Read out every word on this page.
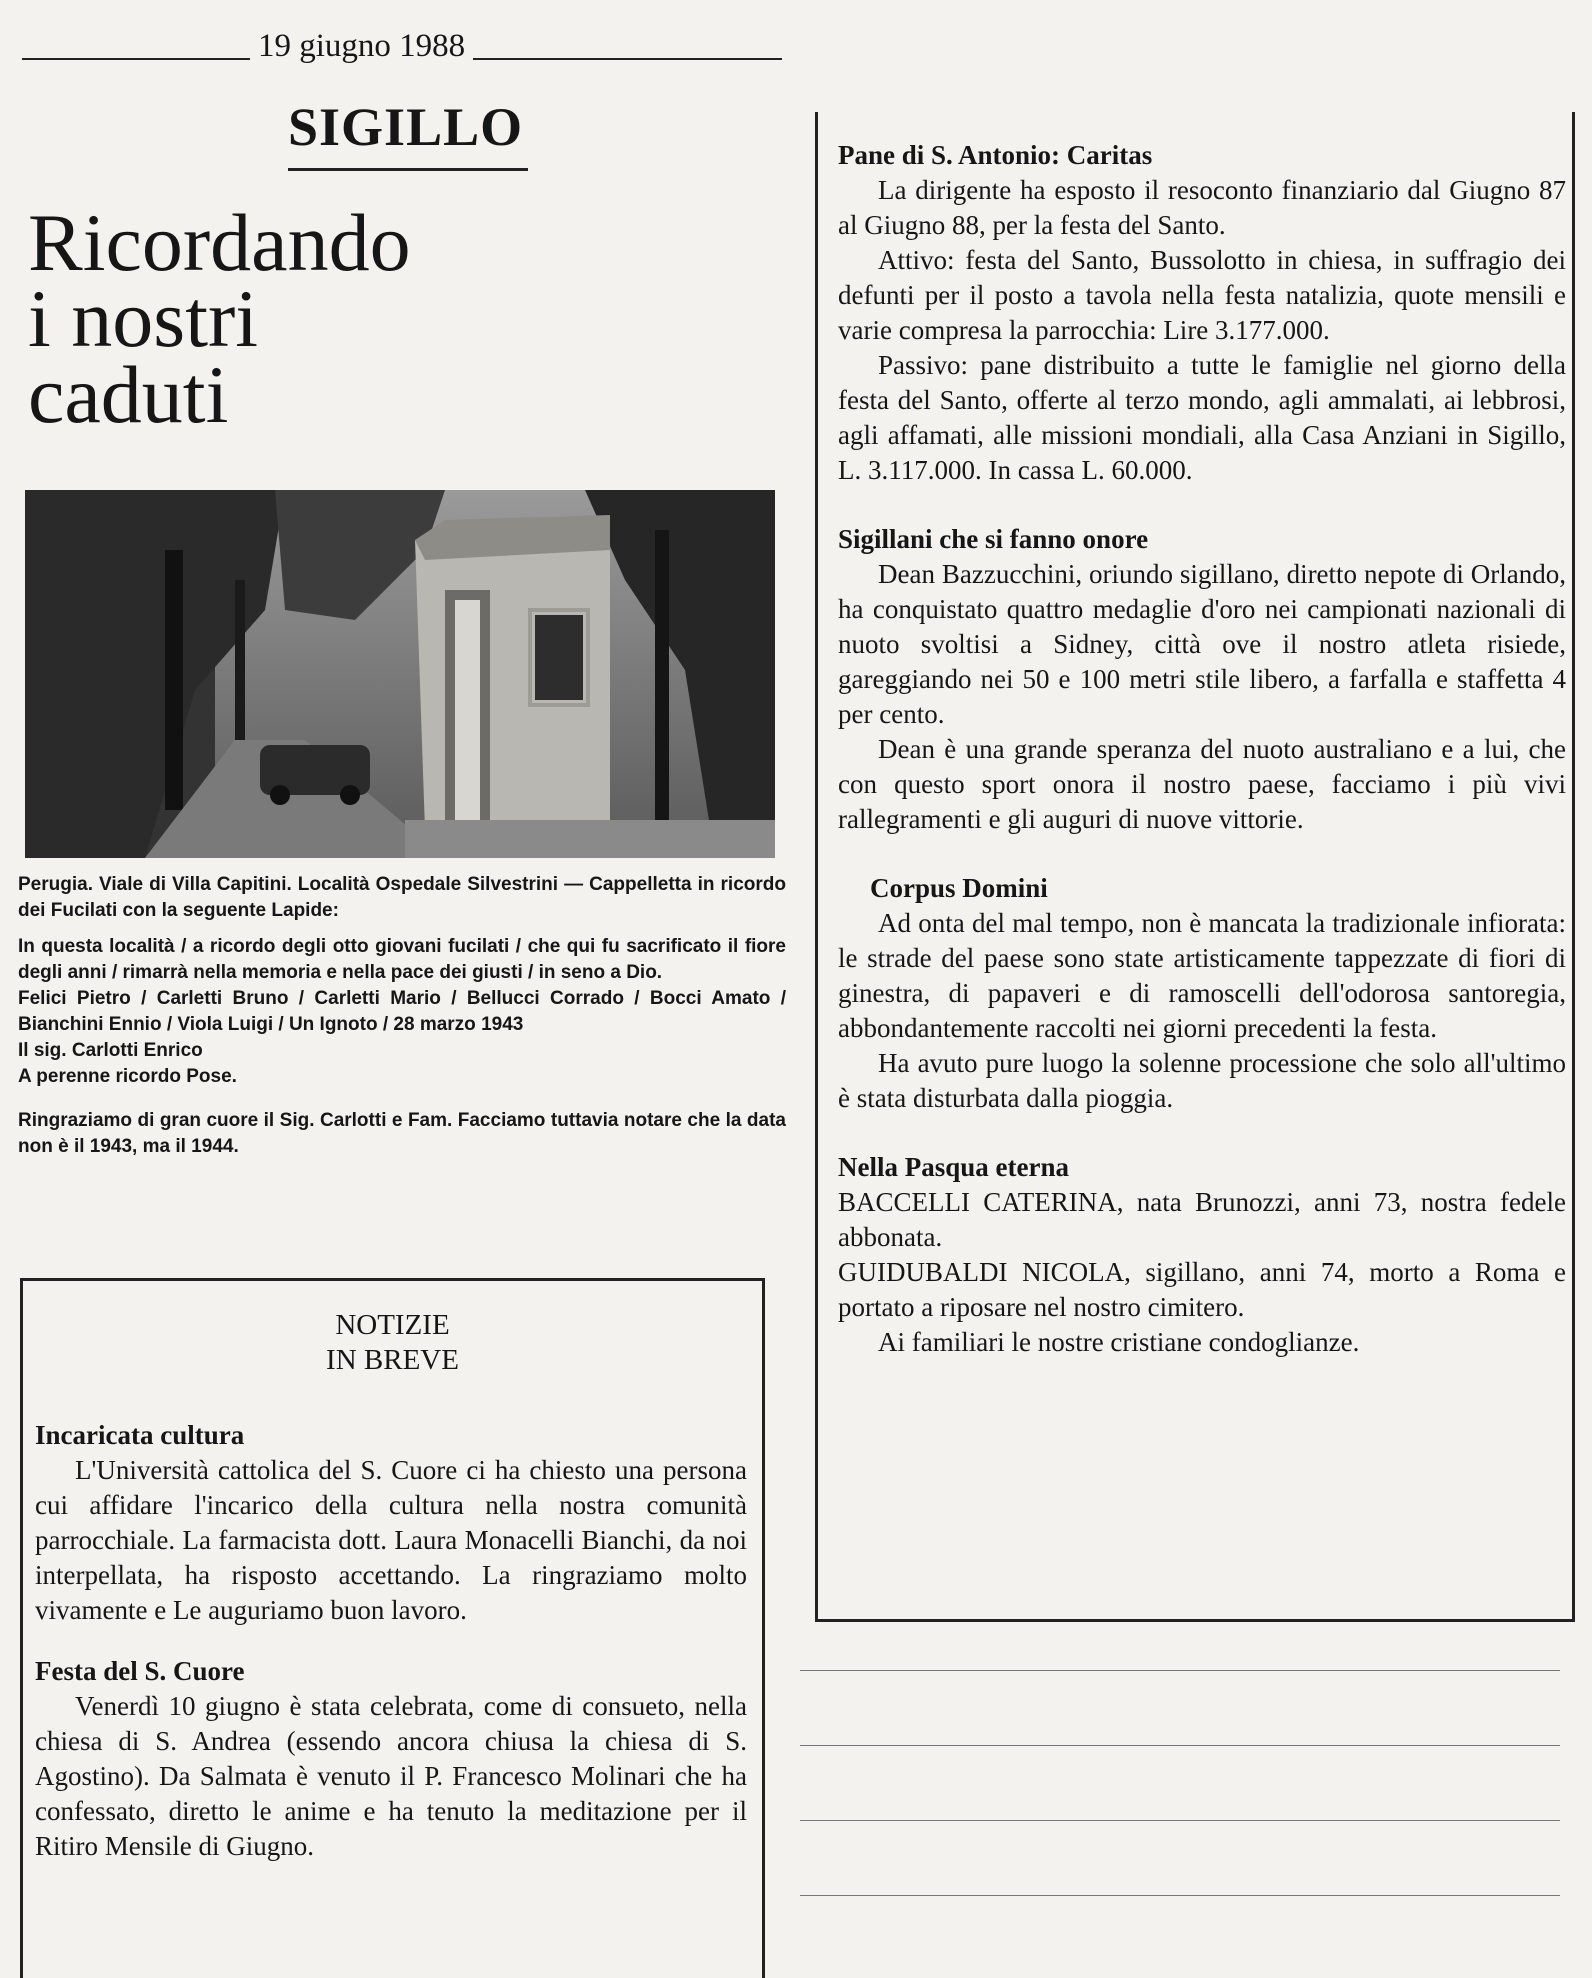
19 giugno 1988
SIGILLO
Ricordando
i nostri
caduti

Perugia. Viale di Villa Capitini. Località Ospedale Silvestrini — Cappelletta in ricordo dei Fucilati con la seguente Lapide:

In questa località / a ricordo degli otto giovani fucilati / che qui fu sacrificato il fiore degli anni / rimarrà nella memoria e nella pace dei giusti / in seno a Dio.

Felici Pietro / Carletti Bruno / Carletti Mario / Bellucci Corrado / Bocci Amato / Bianchini Ennio / Viola Luigi / Un Ignoto / 28 marzo 1943

Il sig. Carlotti Enrico

A perenne ricordo Pose.

Ringraziamo di gran cuore il Sig. Carlotti e Fam. Facciamo tuttavia notare che la data non è il 1943, ma il 1944.

NOTIZIE
IN BREVE
Incaricata cultura

L'Università cattolica del S. Cuore ci ha chiesto una persona cui affidare l'incarico della cultura nella nostra comunità parrocchiale. La farmacista dott. Laura Monacelli Bianchi, da noi interpellata, ha risposto accettando. La ringraziamo molto vivamente e Le auguriamo buon lavoro.

Festa del S. Cuore

Venerdì 10 giugno è stata celebrata, come di consueto, nella chiesa di S. Andrea (essendo ancora chiusa la chiesa di S. Agostino). Da Salmata è venuto il P. Francesco Molinari che ha confessato, diretto le anime e ha tenuto la meditazione per il Ritiro Mensile di Giugno.

Pane di S. Antonio: Caritas

La dirigente ha esposto il resoconto finanziario dal Giugno 87 al Giugno 88, per la festa del Santo.

Attivo: festa del Santo, Bussolotto in chiesa, in suffragio dei defunti per il posto a tavola nella festa natalizia, quote mensili e varie compresa la parrocchia: Lire 3.177.000.

Passivo: pane distribuito a tutte le famiglie nel giorno della festa del Santo, offerte al terzo mondo, agli ammalati, ai lebbrosi, agli affamati, alle missioni mondiali, alla Casa Anziani in Sigillo, L. 3.117.000. In cassa L. 60.000.

Sigillani che si fanno onore

Dean Bazzucchini, oriundo sigillano, diretto nepote di Orlando, ha conquistato quattro medaglie d'oro nei campionati nazionali di nuoto svoltisi a Sidney, città ove il nostro atleta risiede, gareggiando nei 50 e 100 metri stile libero, a farfalla e staffetta 4 per cento.

Dean è una grande speranza del nuoto australiano e a lui, che con questo sport onora il nostro paese, facciamo i più vivi rallegramenti e gli auguri di nuove vittorie.

Corpus Domini

Ad onta del mal tempo, non è mancata la tradizionale infiorata: le strade del paese sono state artisticamente tappezzate di fiori di ginestra, di papaveri e di ramoscelli dell'odorosa santoregia, abbondantemente raccolti nei giorni precedenti la festa.

Ha avuto pure luogo la solenne processione che solo all'ultimo è stata disturbata dalla pioggia.

Nella Pasqua eterna

BACCELLI CATERINA, nata Brunozzi, anni 73, nostra fedele abbonata.

GUIDUBALDI NICOLA, sigillano, anni 74, morto a Roma e portato a riposare nel nostro cimitero.

Ai familiari le nostre cristiane condoglianze.
